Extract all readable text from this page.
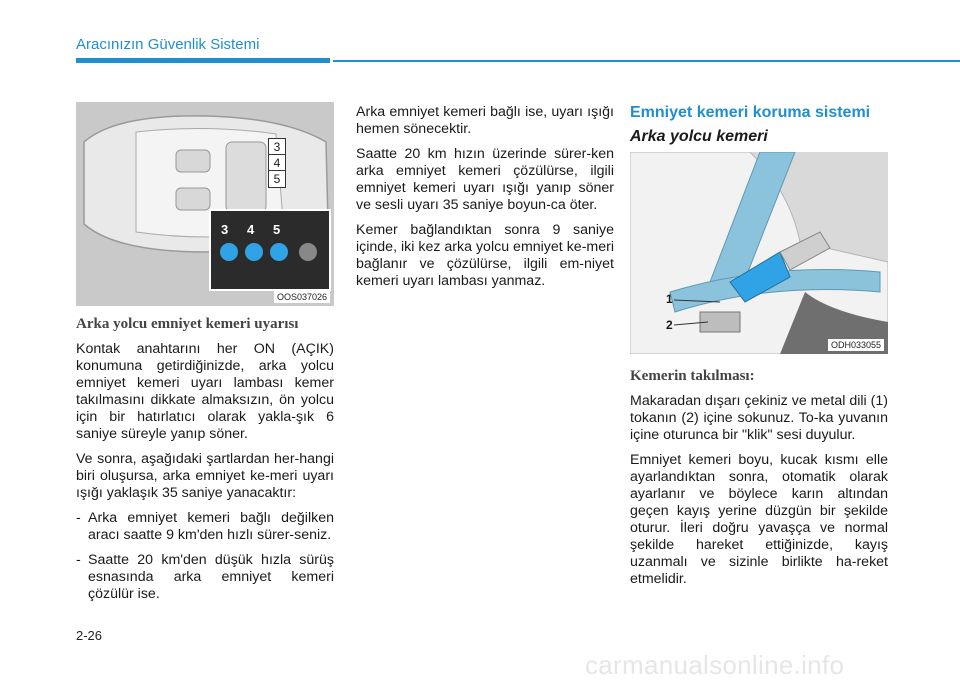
Aracınızın Güvenlik Sistemi
3
4
5
3 4 5
OOS037026
Arka yolcu emniyet kemeri uyarısı

Kontak anahtarını her ON (AÇIK) konumuna getirdiğinizde, arka yolcu emniyet kemeri uyarı lambası kemer takılmasını dikkate almaksızın, ön yolcu için bir hatırlatıcı olarak yakla-şık 6 saniye süreyle yanıp söner.

Ve sonra, aşağıdaki şartlardan her-hangi biri oluşursa, arka emniyet ke-meri uyarı ışığı yaklaşık 35 saniye yanacaktır:

- Arka emniyet kemeri bağlı değilken aracı saatte 9 km'den hızlı sürer-seniz.
- Saatte 20 km'den düşük hızla sürüş esnasında arka emniyet kemeri çözülür ise.

Arka emniyet kemeri bağlı ise, uyarı ışığı hemen sönecektir.

Saatte 20 km hızın üzerinde sürer-ken arka emniyet kemeri çözülürse, ilgili emniyet kemeri uyarı ışığı yanıp söner ve sesli uyarı 35 saniye boyun-ca öter.

Kemer bağlandıktan sonra 9 saniye içinde, iki kez arka yolcu emniyet ke-meri bağlanır ve çözülürse, ilgili em-niyet kemeri uyarı lambası yanmaz.

Emniyet kemeri koruma sistemi
Arka yolcu kemeri
1
2
ODH033055
Kemerin takılması:

Makaradan dışarı çekiniz ve metal dili (1) tokanın (2) içine sokunuz. To-ka yuvanın içine oturunca bir "klik" sesi duyulur.

Emniyet kemeri boyu, kucak kısmı elle ayarlandıktan sonra, otomatik olarak ayarlanır ve böylece karın altından geçen kayış yerine düzgün bir şekilde oturur. İleri doğru yavaşça ve normal şekilde hareket ettiğinizde, kayış uzanmalı ve sizinle birlikte ha-reket etmelidir.

2-26
carmanualsonline.info
